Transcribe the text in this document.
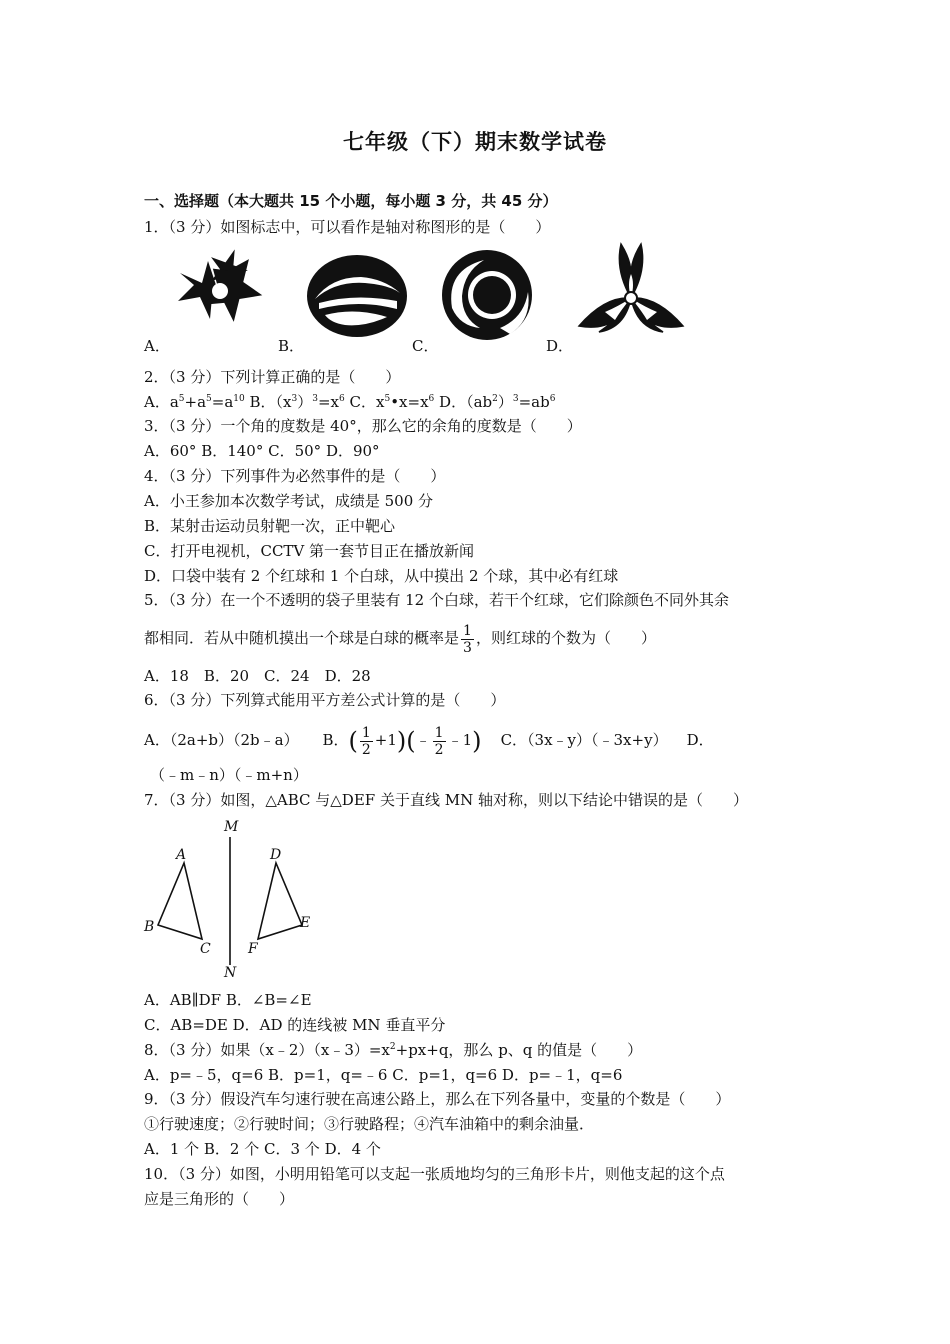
七年级（下）期末数学试卷
一、选择题（本大题共 15 个小题，每小题 3 分，共 45 分）
1．（3 分）如图标志中，可以看作是轴对称图形的是（　　）
A．	B．	C．	D．
2．（3 分）下列计算正确的是（　　）
A．$a^5+a^5=a^{10}$ B．$(x^3)^3=x^6$ C．$x^5•x=x^6$ D．$(ab^2)^3=ab^6$
3．（3 分）一个角的度数是 40°，那么它的余角的度数是（　　）
A．60° B．140° C．50° D．90°
4．（3 分）下列事件为必然事件的是（　　）
A．小王参加本次数学考试，成绩是 500 分
B．某射击运动员射靶一次，正中靶心
C．打开电视机，CCTV 第一套节目正在播放新闻
D．口袋中装有 2 个红球和 1 个白球，从中摸出 2 个球，其中必有红球
5．（3 分）在一个不透明的袋子里装有 12 个白球，若干个红球，它们除颜色不同外其余
都相同．若从中随机摸出一个球是白球的概率是 $\frac{1}{3}$ ，则红球的个数为（　　）
A．18　B．20　C．24　D．28
6．（3 分）下列算式能用平方差公式计算的是（　　）
A．（2a+b）（2b﹣a） B．( $\frac{1}{2}$ +1)(﹣ $\frac{1}{2}$ ﹣1) C．（3x﹣y）（﹣3x+y） D．
（﹣m﹣n）（﹣m+n）
7．（3 分）如图，△ABC 与△DEF 关于直线 MN 轴对称，则以下结论中错误的是（　　）
M
N
A
B
C
D
E
F
A．AB∥DF B．∠B=∠E
C．AB=DE D．AD 的连线被 MN 垂直平分
8．（3 分）如果$(x﹣2)(x﹣3)=x^2+px+q$，那么 p、q 的值是（　　）
A．p=﹣5，q=6 B．p=1，q=﹣6 C．p=1，q=6 D．p=﹣1，q=6
9．（3 分）假设汽车匀速行驶在高速公路上，那么在下列各量中，变量的个数是（　　）
①行驶速度；②行驶时间；③行驶路程；④汽车油箱中的剩余油量．
A．1 个 B．2 个 C．3 个 D．4 个
10．（3 分）如图，小明用铅笔可以支起一张质地均匀的三角形卡片，则他支起的这个点
应是三角形的（　　）
